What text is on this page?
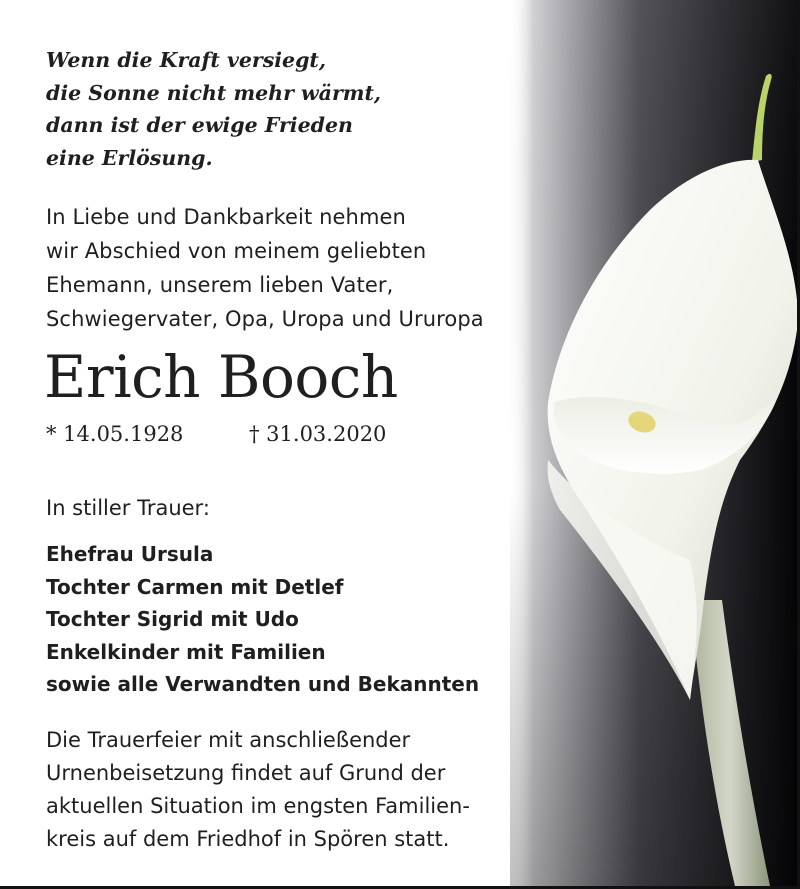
Wenn die Kraft versiegt,
die Sonne nicht mehr wärmt,
dann ist der ewige Frieden
eine Erlösung.
In Liebe und Dankbarkeit nehmen
wir Abschied von meinem geliebten
Ehemann, unserem lieben Vater,
Schwiegervater, Opa, Uropa und Ururopa
Erich Booch
* 14.05.1928	† 31.03.2020
In stiller Trauer:
Ehefrau Ursula
Tochter Carmen mit Detlef
Tochter Sigrid mit Udo
Enkelkinder mit Familien
sowie alle Verwandten und Bekannten
Die Trauerfeier mit anschließender
Urnenbeisetzung findet auf Grund der
aktuellen Situation im engsten Familien-
kreis auf dem Friedhof in Spören statt.
